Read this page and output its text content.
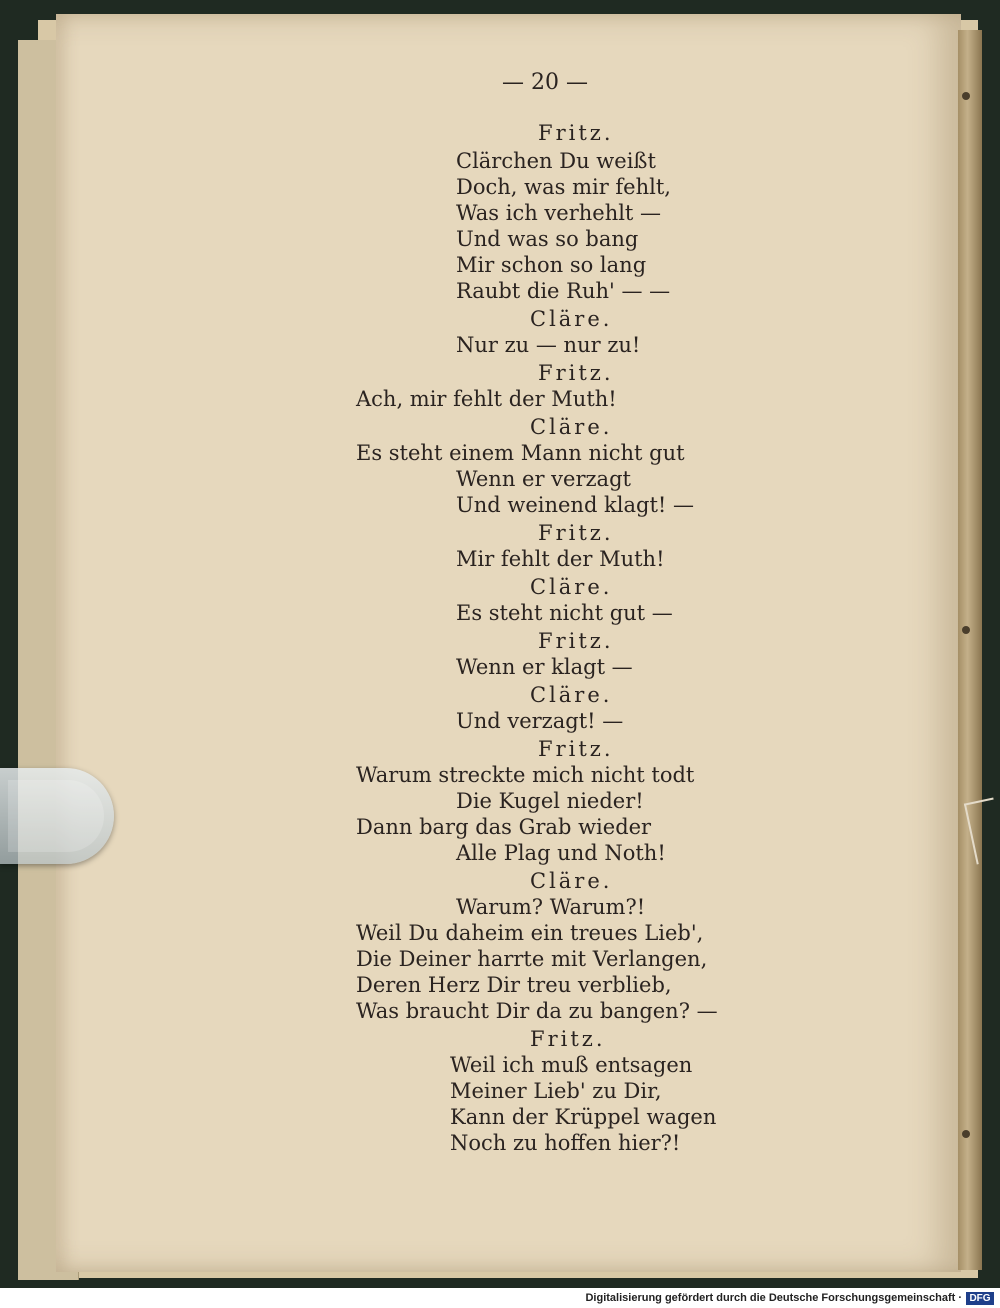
— 20 —
Fritz.
Clärchen Du weißt
Doch, was mir fehlt,
Was ich verhehlt —
Und was so bang
Mir schon so lang
Raubt die Ruh' — —
Cläre.
Nur zu — nur zu!
Fritz.
Ach, mir fehlt der Muth!
Cläre.
Es steht einem Mann nicht gut
Wenn er verzagt
Und weinend klagt! —
Fritz.
Mir fehlt der Muth!
Cläre.
Es steht nicht gut —
Fritz.
Wenn er klagt —
Cläre.
Und verzagt! —
Fritz.
Warum streckte mich nicht todt
Die Kugel nieder!
Dann barg das Grab wieder
Alle Plag und Noth!
Cläre.
Warum? Warum?!
Weil Du daheim ein treues Lieb',
Die Deiner harrte mit Verlangen,
Deren Herz Dir treu verblieb,
Was braucht Dir da zu bangen? —
Fritz.
Weil ich muß entsagen
Meiner Lieb' zu Dir,
Kann der Krüppel wagen
Noch zu hoffen hier?!
Digitalisierung gefördert durch die Deutsche Forschungsgemeinschaft · DFG
